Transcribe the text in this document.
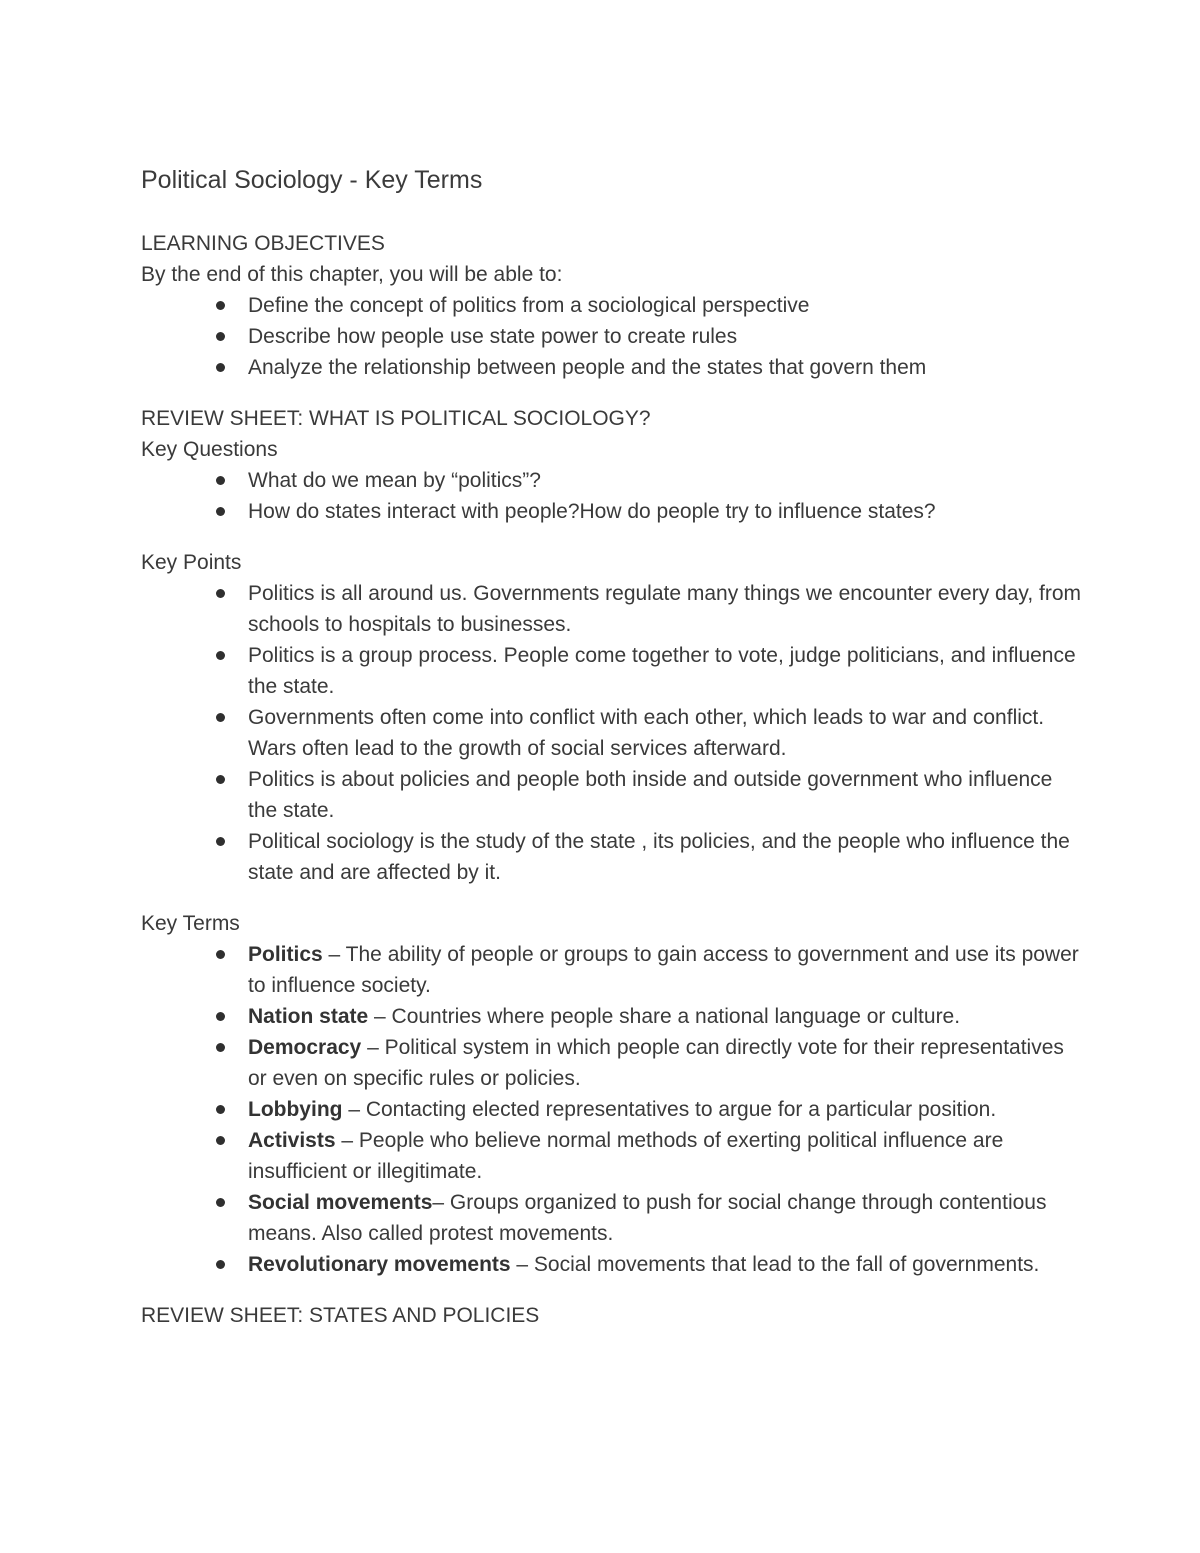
Political Sociology - Key Terms
LEARNING OBJECTIVES
By the end of this chapter, you will be able to:
Define the concept of politics from a sociological perspective
Describe how people use state power to create rules
Analyze the relationship between people and the states that govern them
REVIEW SHEET: WHAT IS POLITICAL SOCIOLOGY?
Key Questions
What do we mean by “politics”?
How do states interact with people?How do people try to influence states?
Key Points
Politics is all around us. Governments regulate many things we encounter every day, from schools to hospitals to businesses.
Politics is a group process. People come together to vote, judge politicians, and influence the state.
Governments often come into conflict with each other, which leads to war and conflict. Wars often lead to the growth of social services afterward.
Politics is about policies and people both inside and outside government who influence the state.
Political sociology is the study of the state , its policies, and the people who influence the state and are affected by it.
Key Terms
Politics – The ability of people or groups to gain access to government and use its power to influence society.
Nation state – Countries where people share a national language or culture.
Democracy – Political system in which people can directly vote for their representatives or even on specific rules or policies.
Lobbying – Contacting elected representatives to argue for a particular position.
Activists – People who believe normal methods of exerting political influence are insufficient or illegitimate.
Social movements– Groups organized to push for social change through contentious means. Also called protest movements.
Revolutionary movements – Social movements that lead to the fall of governments.
REVIEW SHEET: STATES AND POLICIES
